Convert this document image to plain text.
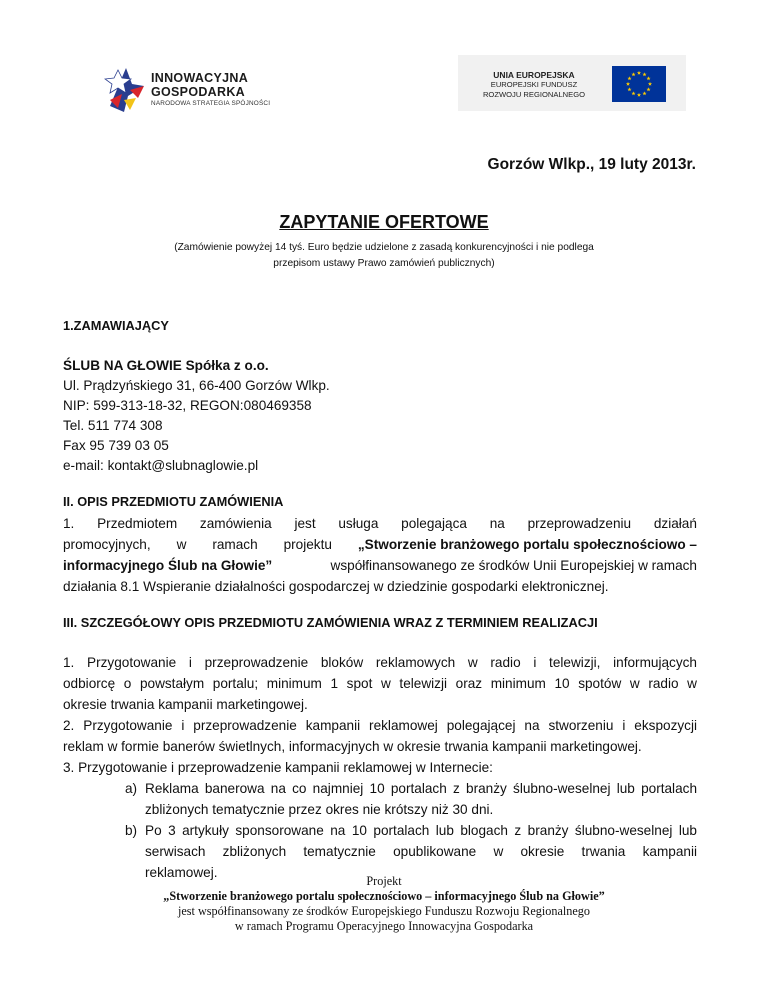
INNOWACYJNA
GOSPODARKA
NARODOWA STRATEGIA SPÓJNOŚCI
UNIA EUROPEJSKA
EUROPEJSKI FUNDUSZ
ROZWOJU REGIONALNEGO
Gorzów Wlkp., 19 luty 2013r.
ZAPYTANIE OFERTOWE
(Zamówienie powyżej 14 tyś. Euro będzie udzielone z zasadą konkurencyjności i nie podlega
przepisom ustawy Prawo zamówień publicznych)
1.ZAMAWIAJĄCY
ŚLUB NA GŁOWIE Spółka z o.o.
Ul. Prądzyńskiego 31, 66-400 Gorzów Wlkp.
NIP: 599-313-18-32, REGON:080469358
Tel. 511 774 308
Fax 95 739 03 05
e-mail: kontakt@slubnaglowie.pl
II. OPIS PRZEDMIOTU ZAMÓWIENIA
1. Przedmiotem zamówienia jest usługa polegająca na przeprowadzeniu działań
promocyjnych, w ramach projektu „Stworzenie branżowego portalu społecznościowo –
informacyjnego Ślub na Głowie”	współfinansowanego ze środków Unii Europejskiej w ramach
działania 8.1 Wspieranie działalności gospodarczej w dziedzinie gospodarki elektronicznej.
III. SZCZEGÓŁOWY OPIS PRZEDMIOTU ZAMÓWIENIA WRAZ Z TERMINIEM REALIZACJI
1. Przygotowanie i przeprowadzenie bloków reklamowych w radio i telewizji, informujących
odbiorcę o powstałym portalu; minimum 1 spot w telewizji oraz minimum 10 spotów w radio w
okresie trwania kampanii marketingowej.
2. Przygotowanie i przeprowadzenie kampanii reklamowej polegającej na stworzeniu i ekspozycji
reklam w formie banerów świetlnych, informacyjnych w okresie trwania kampanii marketingowej.
3. Przygotowanie i przeprowadzenie kampanii reklamowej w Internecie:
a) Reklama banerowa na co najmniej 10 portalach z branży ślubno-weselnej lub portalach
zbliżonych tematycznie przez okres nie krótszy niż 30 dni.
b) Po 3 artykuły sponsorowane na 10 portalach lub blogach z branży ślubno-weselnej lub
serwisach zbliżonych tematycznie opublikowane w okresie trwania kampanii
reklamowej.
Projekt
„Stworzenie branżowego portalu społecznościowo – informacyjnego Ślub na Głowie”
jest współfinansowany ze środków Europejskiego Funduszu Rozwoju Regionalnego
w ramach Programu Operacyjnego Innowacyjna Gospodarka
